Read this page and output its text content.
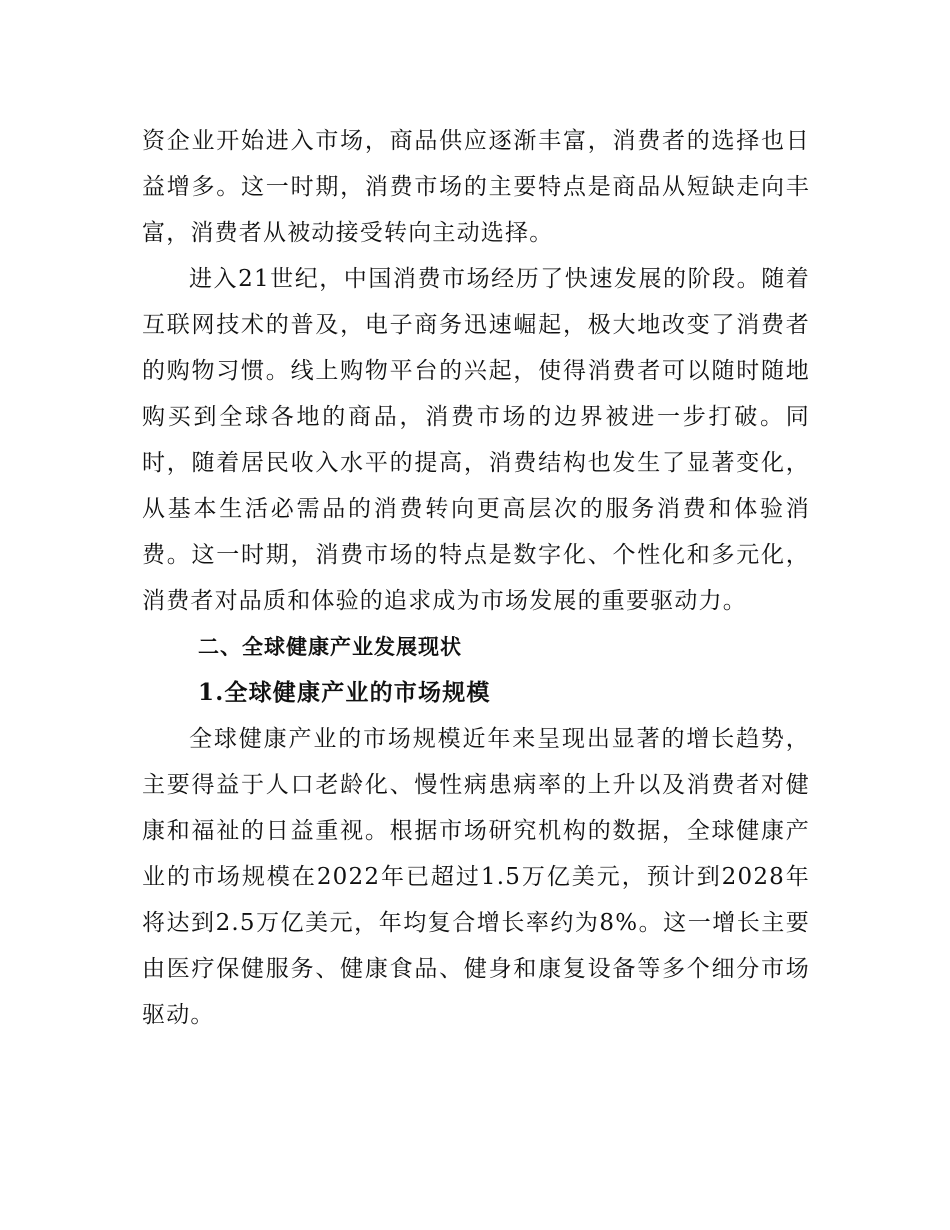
资企业开始进入市场，商品供应逐渐丰富，消费者的选择也日益增多。这一时期，消费市场的主要特点是商品从短缺走向丰富，消费者从被动接受转向主动选择。

进入21世纪，中国消费市场经历了快速发展的阶段。随着互联网技术的普及，电子商务迅速崛起，极大地改变了消费者的购物习惯。线上购物平台的兴起，使得消费者可以随时随地购买到全球各地的商品，消费市场的边界被进一步打破。同时，随着居民收入水平的提高，消费结构也发生了显著变化，从基本生活必需品的消费转向更高层次的服务消费和体验消费。这一时期，消费市场的特点是数字化、个性化和多元化，消费者对品质和体验的追求成为市场发展的重要驱动力。

二、全球健康产业发展现状
1.全球健康产业的市场规模

全球健康产业的市场规模近年来呈现出显著的增长趋势，主要得益于人口老龄化、慢性病患病率的上升以及消费者对健康和福祉的日益重视。根据市场研究机构的数据，全球健康产业的市场规模在2022年已超过1.5万亿美元，预计到2028年将达到2.5万亿美元，年均复合增长率约为8%。这一增长主要由医疗保健服务、健康食品、健身和康复设备等多个细分市场驱动。
